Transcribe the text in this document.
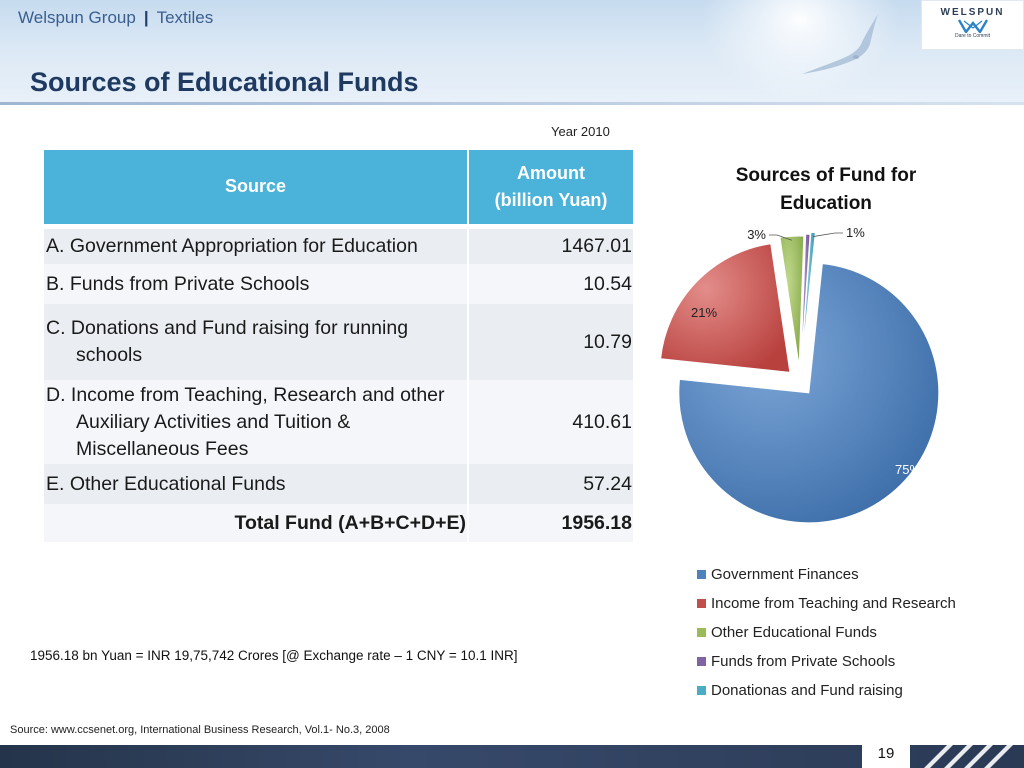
Welspun Group | Textiles
Sources of Educational Funds
WELSPUN
Dare to Commit
Year 2010
Source	Amount
(billion Yuan)
A. Government Appropriation for Education	1467.01
B. Funds from Private Schools	10.54

C. Donations and Fund raising for running schools	10.79

D. Income from Teaching, Research and other Auxiliary Activities and Tuition & Miscellaneous Fees	410.61
E. Other Educational Funds	57.24
Total Fund (A+B+C+D+E)	1956.18
Sources of Fund for
Education
75%
21%
3%	1%
Government Finances
Income from Teaching and Research
Other Educational Funds
Funds from Private Schools
Donationas and Fund raising
1956.18 bn Yuan = INR 19,75,742 Crores [@ Exchange rate – 1 CNY = 10.1 INR]
Source: www.ccsenet.org, International Business Research, Vol.1- No.3, 2008
19
